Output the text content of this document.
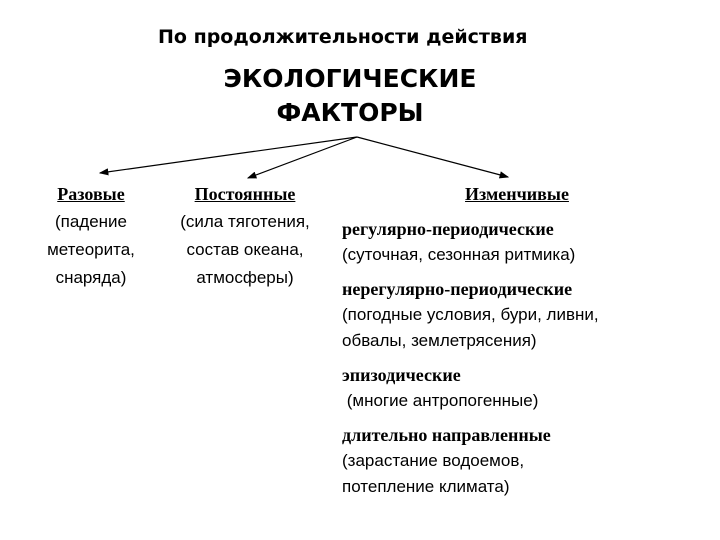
По продолжительности действия
ЭКОЛОГИЧЕСКИЕ
ФАКТОРЫ
Разовые
(падение метеорита, снаряда)
Постоянные
(сила тяготения, состав океана, атмосферы)
Изменчивые
регулярно-периодические
(суточная, сезонная ритмика)
нерегулярно-периодические
(погодные условия, бури, ливни,
обвалы, землетрясения)
эпизодические
(многие антропогенные)
длительно направленные
(зарастание водоемов,
потепление климата)
